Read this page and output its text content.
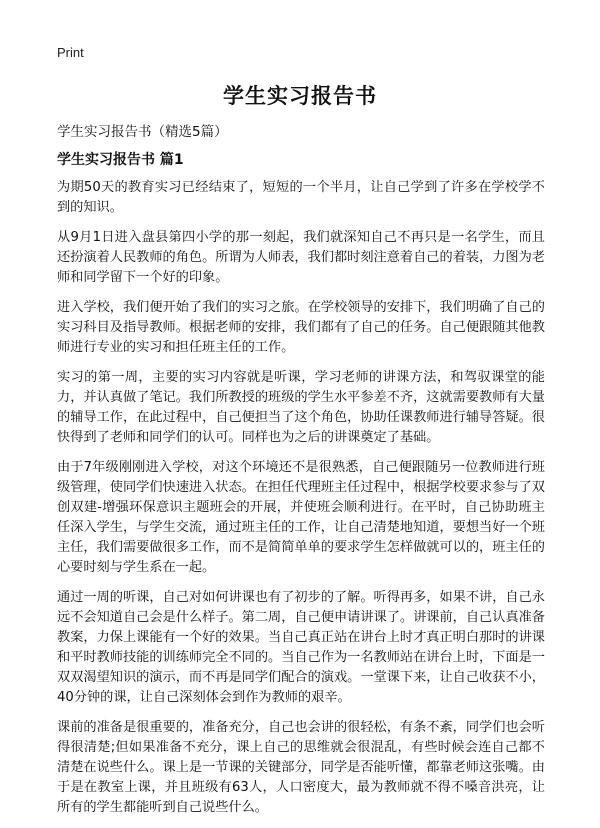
Print
学生实习报告书
学生实习报告书（精选5篇）
学生实习报告书 篇1

为期50天的教育实习已经结束了，短短的一个半月，让自己学到了许多在学校学不到的知识。

从9月1日进入盘县第四小学的那一刻起，我们就深知自己不再只是一名学生，而且还扮演着人民教师的角色。所谓为人师表，我们都时刻注意着自己的着装，力图为老师和同学留下一个好的印象。

进入学校，我们便开始了我们的实习之旅。在学校领导的安排下，我们明确了自己的实习科目及指导教师。根据老师的安排，我们都有了自己的任务。自己便跟随其他教师进行专业的实习和担任班主任的工作。

实习的第一周，主要的实习内容就是听课，学习老师的讲课方法，和驾驭课堂的能力，并认真做了笔记。我们所教授的班级的学生水平参差不齐，这就需要教师有大量的辅导工作，在此过程中，自己便担当了这个角色，协助任课教师进行辅导答疑。很快得到了老师和同学们的认可。同样也为之后的讲课奠定了基础。

由于7年级刚刚进入学校，对这个环境还不是很熟悉，自己便跟随另一位教师进行班级管理，使同学们快速进入状态。在担任代理班主任过程中，根据学校要求参与了双创双建-增强环保意识主题班会的开展，并使班会顺利进行。在平时，自己协助班主任深入学生，与学生交流，通过班主任的工作，让自己清楚地知道，要想当好一个班主任，我们需要做很多工作，而不是简简单单的要求学生怎样做就可以的，班主任的心要时刻与学生系在一起。

通过一周的听课，自己对如何讲课也有了初步的了解。听得再多，如果不讲，自己永远不会知道自己会是什么样子。第二周，自己便申请讲课了。讲课前，自己认真准备教案，力保上课能有一个好的效果。当自己真正站在讲台上时才真正明白那时的讲课和平时教师技能的训练师完全不同的。当自己作为一名教师站在讲台上时，下面是一双双渴望知识的演示，而不再是同学们配合的演戏。一堂课下来，让自己收获不小，40分钟的课，让自己深刻体会到作为教师的艰辛。

课前的准备是很重要的，准备充分，自己也会讲的很轻松，有条不紊，同学们也会听得很清楚;但如果准备不充分，课上自己的思维就会很混乱，有些时候会连自己都不清楚在说些什么。课上是一节课的关键部分，同学是否能听懂，都靠老师这张嘴。由于是在教室上课，并且班级有63人，人口密度大，最为教师就不得不嗓音洪亮，让所有的学生都能听到自己说些什么。
